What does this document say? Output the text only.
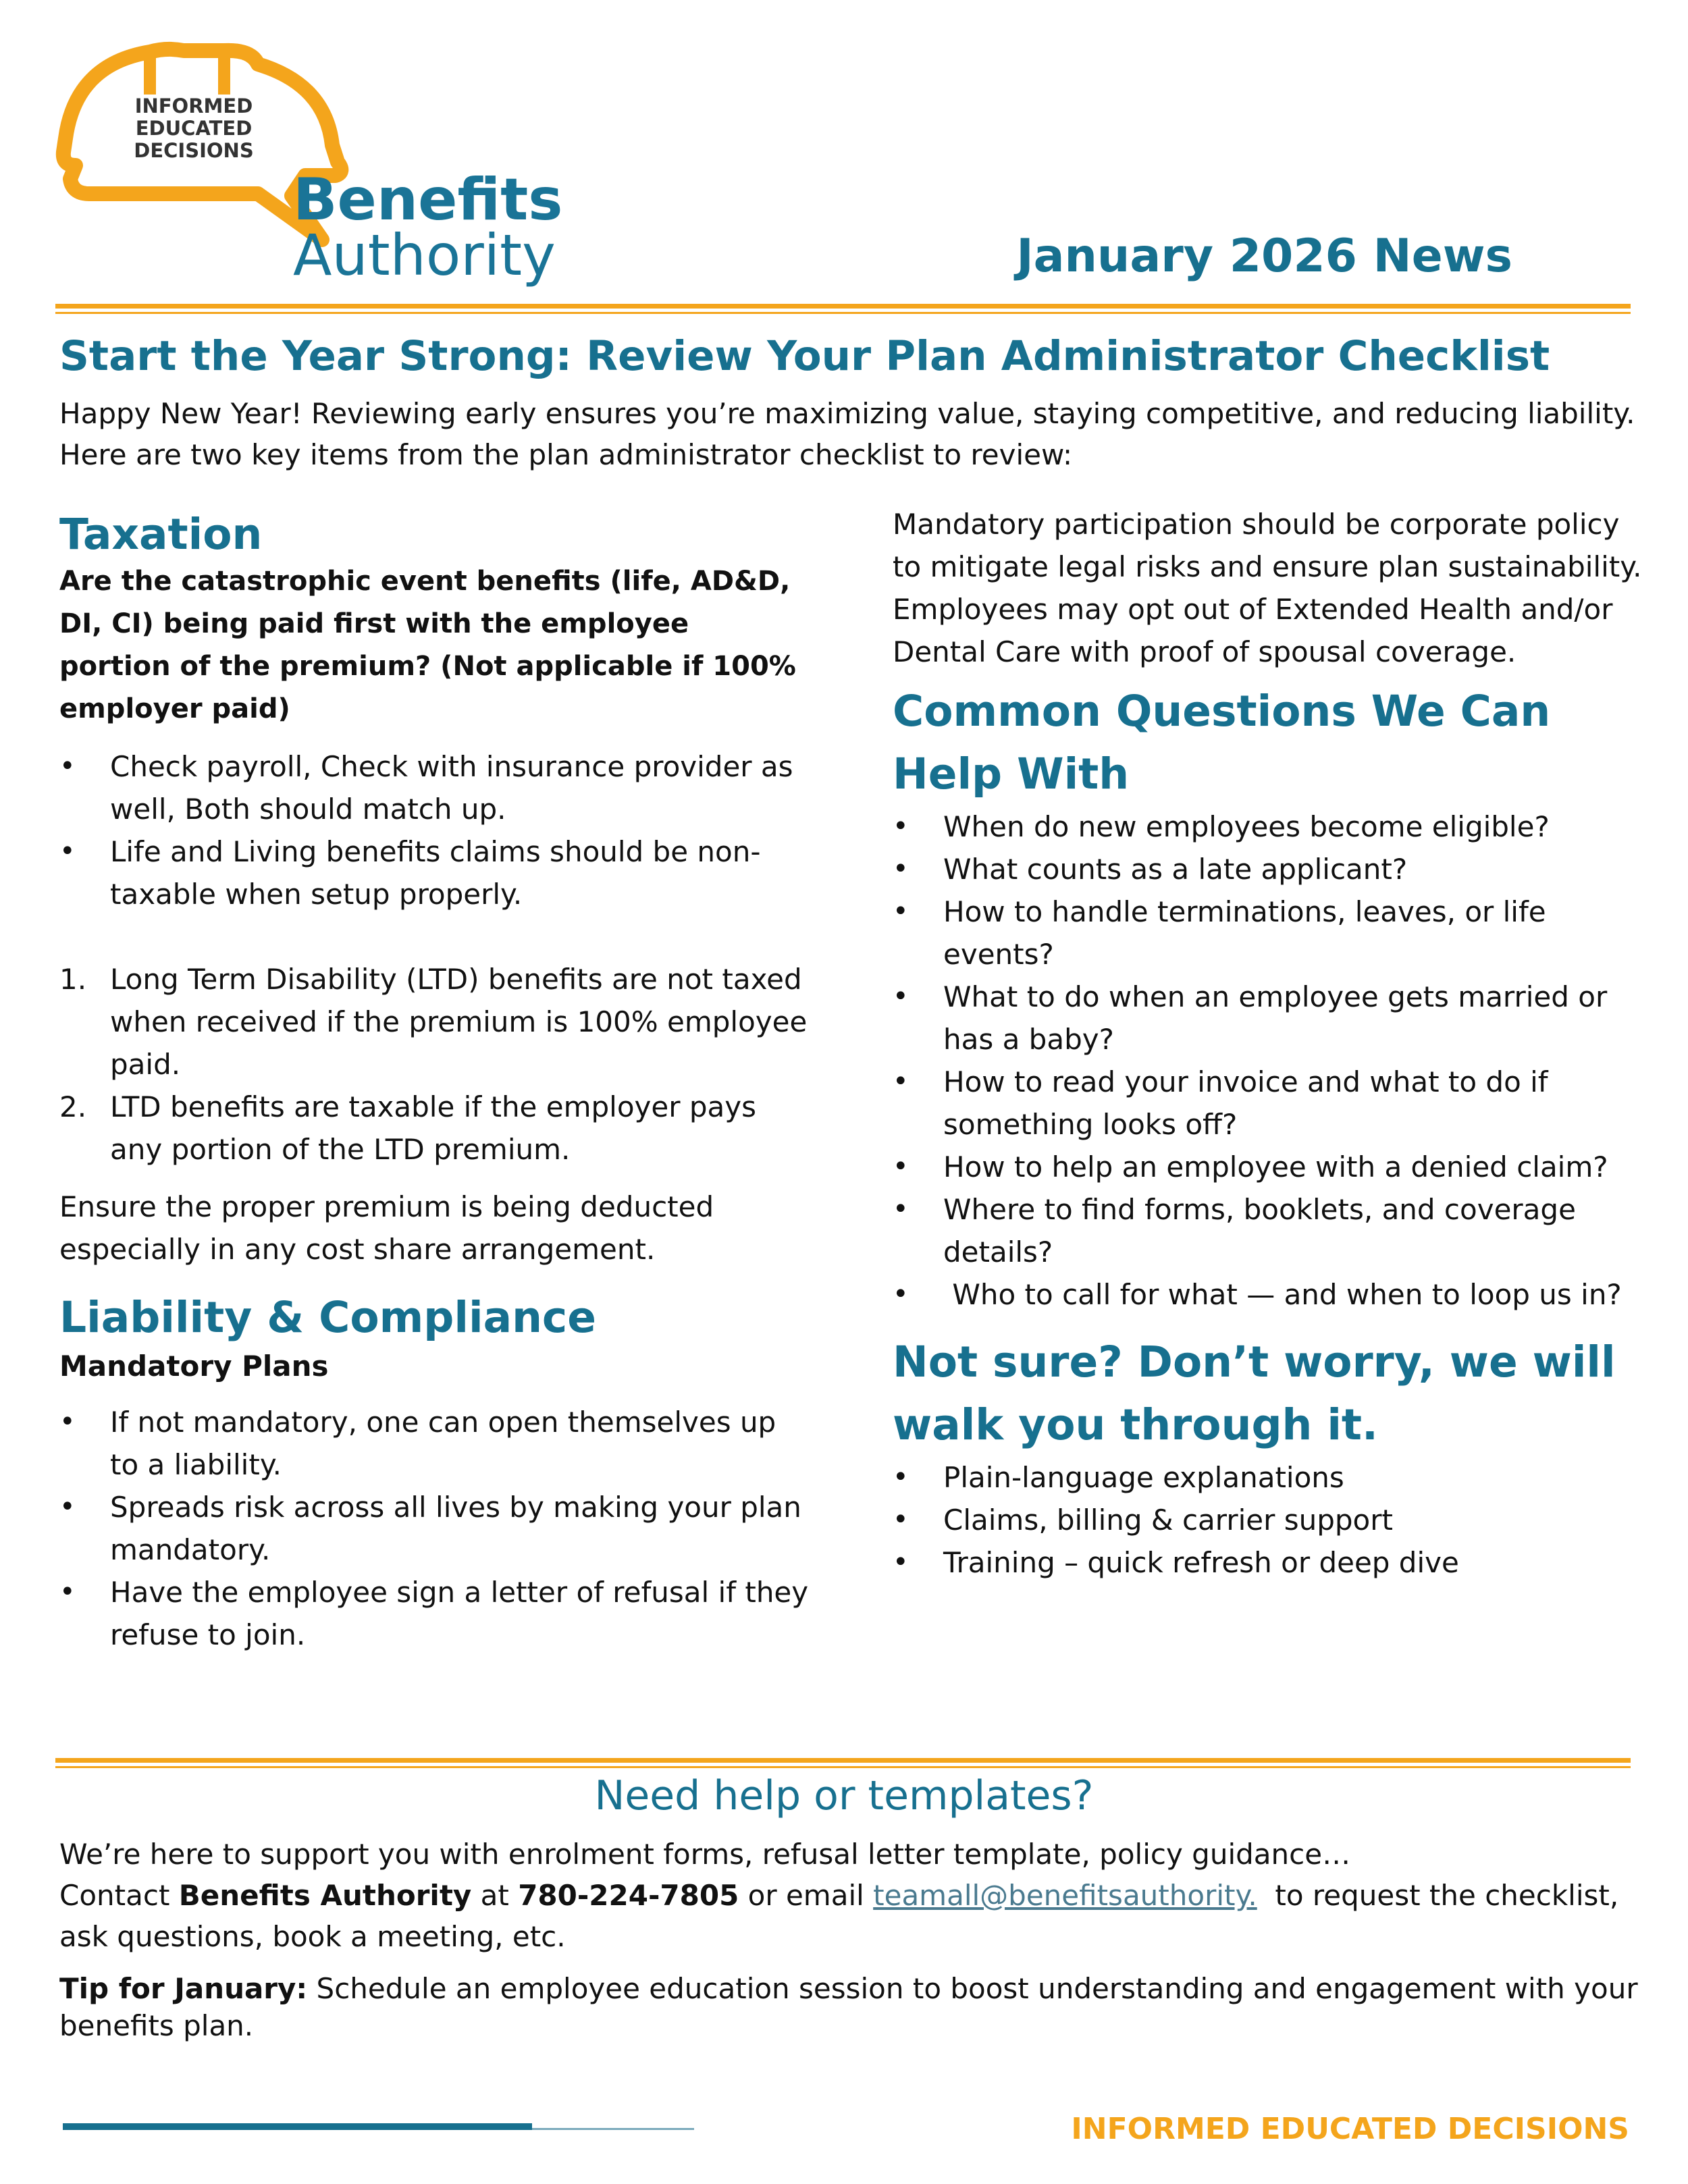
INFORMED
EDUCATED
DECISIONS
Benefits
Authority	January 2026 News
Start the Year Strong: Review Your Plan Administrator Checklist
Happy New Year! Reviewing early ensures you’re maximizing value, staying competitive, and reducing liability. Here are two key items from the plan administrator checklist to review:

Taxation

Are the catastrophic event benefits (life, AD&D, DI, CI) being paid first with the employee portion of the premium? (Not applicable if 100% employer paid)

•	Check payroll, Check with insurance provider as well, Both should match up.
•	Life and Living benefits claims should be non-taxable when setup properly.
1. Long Term Disability (LTD) benefits are not taxed when received if the premium is 100% employee paid.
2. LTD benefits are taxable if the employer pays any portion of the LTD premium.

Ensure the proper premium is being deducted especially in any cost share arrangement.

Liability & Compliance

Mandatory Plans

•	If not mandatory, one can open themselves up to a liability.
•	Spreads risk across all lives by making your plan mandatory.
•	Have the employee sign a letter of refusal if they refuse to join.

Mandatory participation should be corporate policy to mitigate legal risks and ensure plan sustainability. Employees may opt out of Extended Health and/or Dental Care with proof of spousal coverage.

Common Questions We Can Help With

•	When do new employees become eligible?
•	What counts as a late applicant?
•	How to handle terminations, leaves, or life events?
•	What to do when an employee gets married or has a baby?
•	How to read your invoice and what to do if something looks off?
•	How to help an employee with a denied claim?
•	Where to find forms, booklets, and coverage details?
•	Who to call for what — and when to loop us in?

Not sure? Don’t worry, we will walk you through it.

•	Plain-language explanations
•	Claims, billing & carrier support
•	Training – quick refresh or deep dive
Need help or templates?

We’re here to support you with enrolment forms, refusal letter template, policy guidance…

Contact Benefits Authority at 780-224-7805 or email teamall@benefitsauthority.  to request the checklist, ask questions, book a meeting, etc.

Tip for January: Schedule an employee education session to boost understanding and engagement with your benefits plan.
INFORMED EDUCATED DECISIONS
